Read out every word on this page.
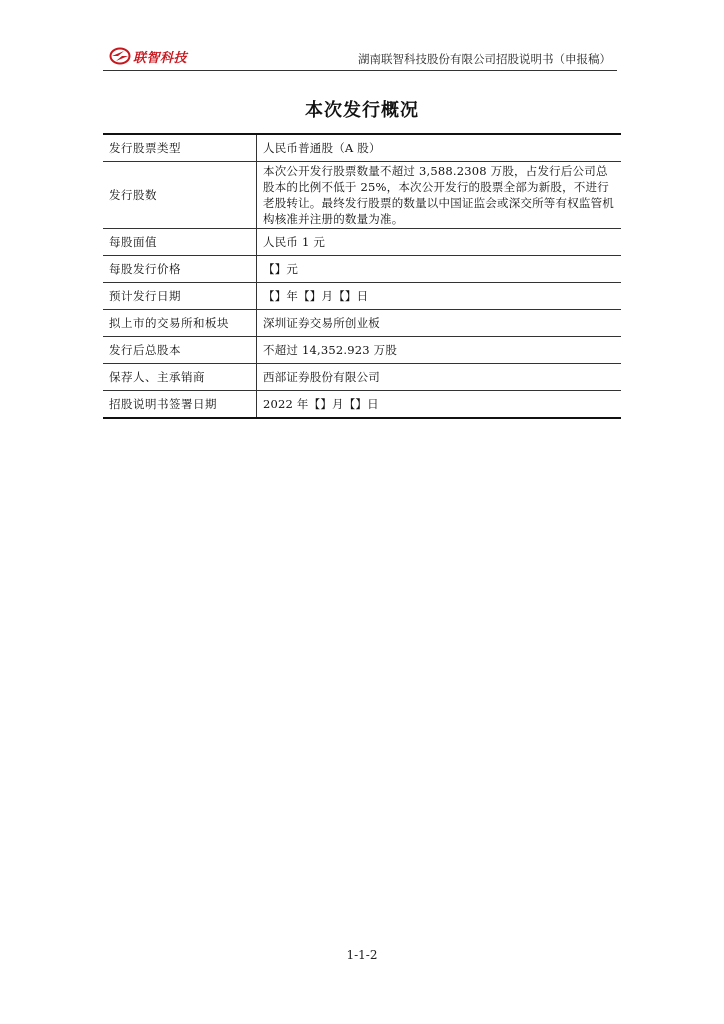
联智科技	湖南联智科技股份有限公司招股说明书（申报稿）
本次发行概况
发行股票类型	人民币普通股（A 股）
发行股数	本次公开发行股票数量不超过 3,588.2308 万股，占发行后公司总股本的比例不低于 25%，本次公开发行的股票全部为新股，不进行老股转让。最终发行股票的数量以中国证监会或深交所等有权监管机构核准并注册的数量为准。
每股面值	人民币 1 元
每股发行价格	【】元
预计发行日期	【】年【】月【】日
拟上市的交易所和板块	深圳证券交易所创业板
发行后总股本	不超过 14,352.923 万股
保荐人、主承销商	西部证券股份有限公司
招股说明书签署日期	2022 年【】月【】日
1-1-2
